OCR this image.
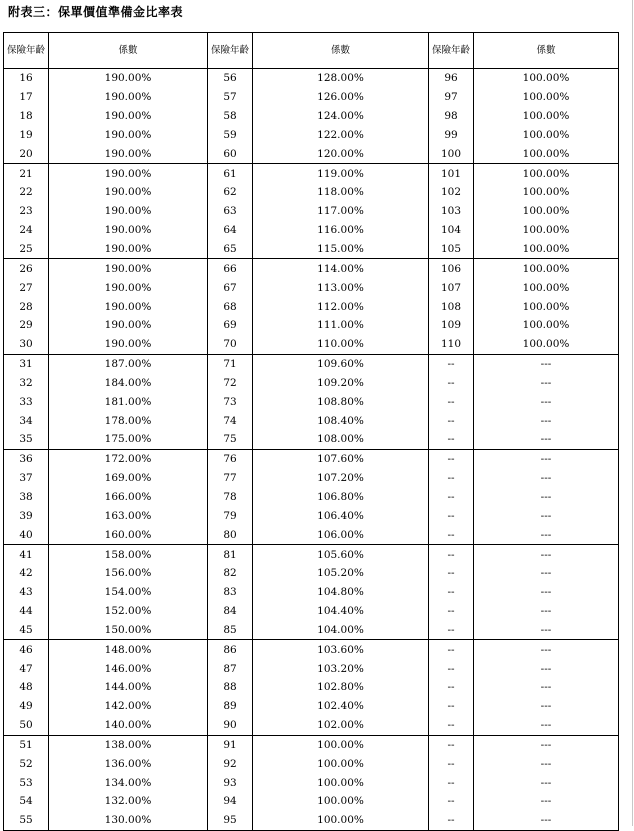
附表三：保單價值準備金比率表
保險年齡	係數	保險年齡	係數	保險年齡	係數
16	190.00%	56	128.00%	96	100.00%
17	190.00%	57	126.00%	97	100.00%
18	190.00%	58	124.00%	98	100.00%
19	190.00%	59	122.00%	99	100.00%
20	190.00%	60	120.00%	100	100.00%
21	190.00%	61	119.00%	101	100.00%
22	190.00%	62	118.00%	102	100.00%
23	190.00%	63	117.00%	103	100.00%
24	190.00%	64	116.00%	104	100.00%
25	190.00%	65	115.00%	105	100.00%
26	190.00%	66	114.00%	106	100.00%
27	190.00%	67	113.00%	107	100.00%
28	190.00%	68	112.00%	108	100.00%
29	190.00%	69	111.00%	109	100.00%
30	190.00%	70	110.00%	110	100.00%
31	187.00%	71	109.60%	--	---
32	184.00%	72	109.20%	--	---
33	181.00%	73	108.80%	--	---
34	178.00%	74	108.40%	--	---
35	175.00%	75	108.00%	--	---
36	172.00%	76	107.60%	--	---
37	169.00%	77	107.20%	--	---
38	166.00%	78	106.80%	--	---
39	163.00%	79	106.40%	--	---
40	160.00%	80	106.00%	--	---
41	158.00%	81	105.60%	--	---
42	156.00%	82	105.20%	--	---
43	154.00%	83	104.80%	--	---
44	152.00%	84	104.40%	--	---
45	150.00%	85	104.00%	--	---
46	148.00%	86	103.60%	--	---
47	146.00%	87	103.20%	--	---
48	144.00%	88	102.80%	--	---
49	142.00%	89	102.40%	--	---
50	140.00%	90	102.00%	--	---
51	138.00%	91	100.00%	--	---
52	136.00%	92	100.00%	--	---
53	134.00%	93	100.00%	--	---
54	132.00%	94	100.00%	--	---
55	130.00%	95	100.00%	--	---
